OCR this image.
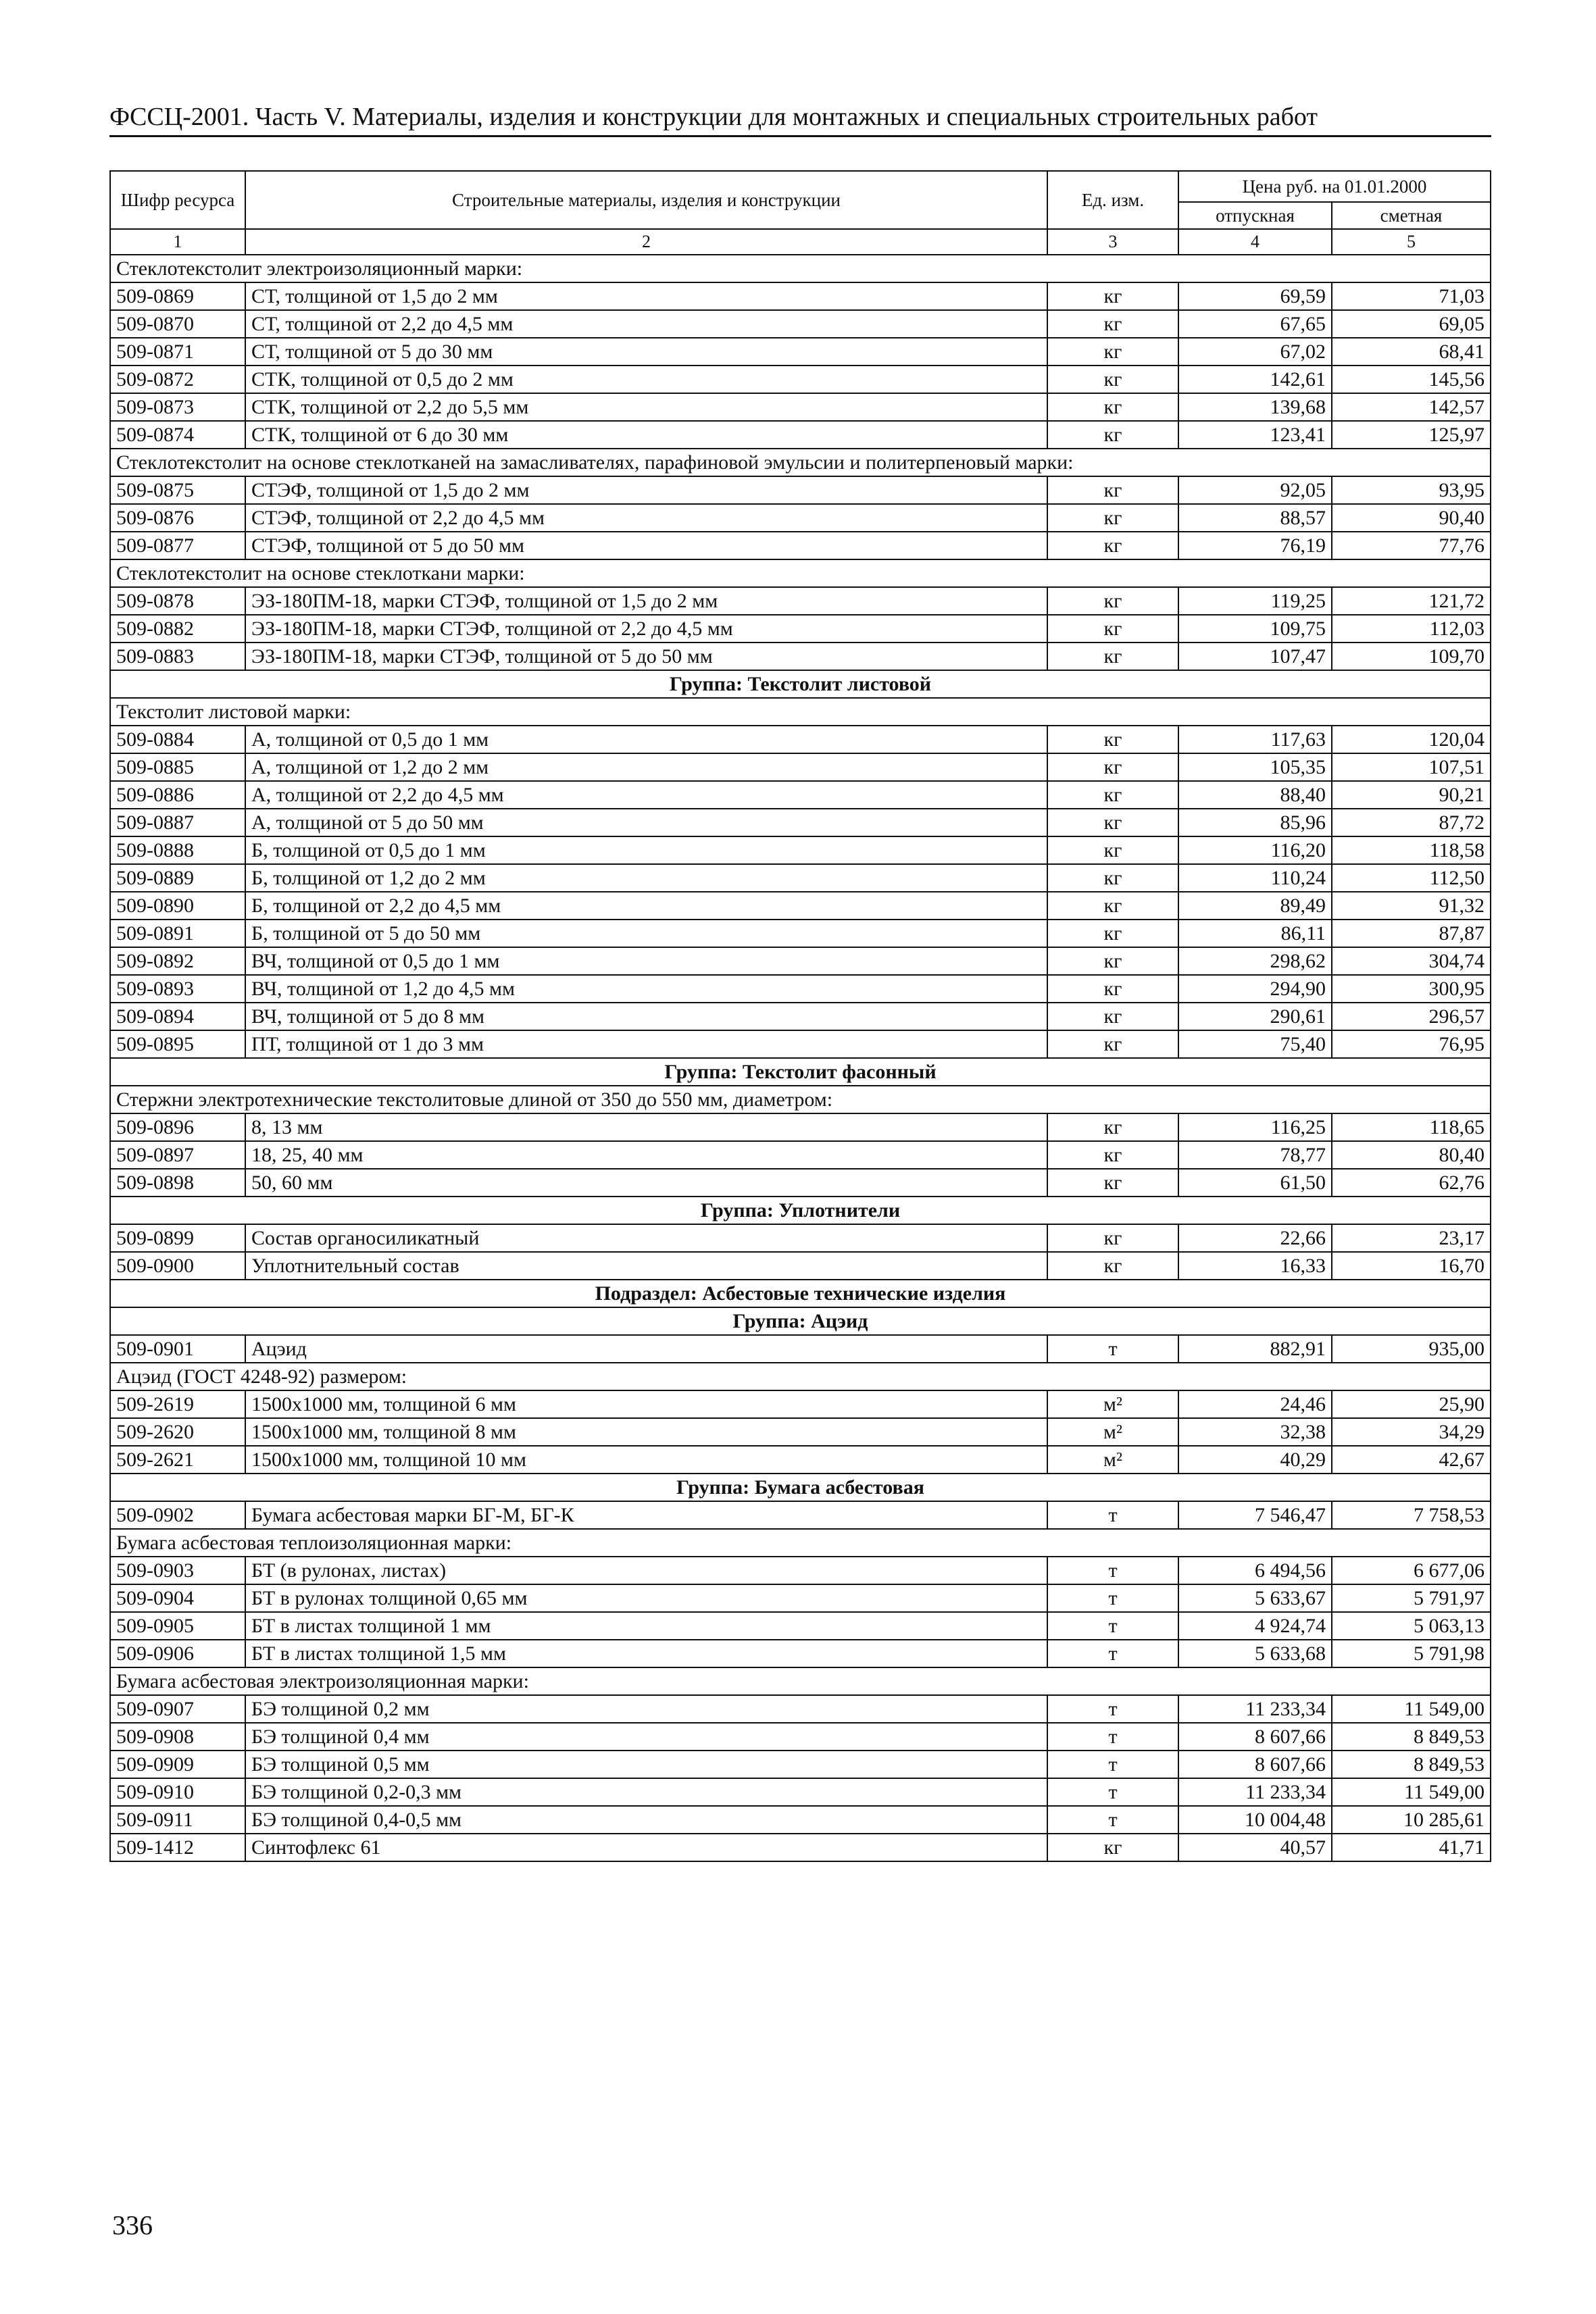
ФССЦ-2001. Часть V. Материалы, изделия и конструкции для монтажных и специальных строительных работ
Шифр ресурса	Строительные материалы, изделия и конструкции	Ед. изм.	Цена руб. на 01.01.2000	
			отпускная	сметная
1	2	3	4	5
Стеклотекстолит электроизоляционный марки:				
509-0869	СТ, толщиной от 1,5 до 2 мм	кг	69,59	71,03
509-0870	СТ, толщиной от 2,2 до 4,5 мм	кг	67,65	69,05
509-0871	СТ, толщиной от 5 до 30 мм	кг	67,02	68,41
509-0872	СТК, толщиной от 0,5 до 2 мм	кг	142,61	145,56
509-0873	СТК, толщиной от 2,2 до 5,5 мм	кг	139,68	142,57
509-0874	СТК, толщиной от 6 до 30 мм	кг	123,41	125,97
Стеклотекстолит на основе стеклотканей на замасливателях, парафиновой эмульсии и политерпеновый марки:				
509-0875	СТЭФ, толщиной от 1,5 до 2 мм	кг	92,05	93,95
509-0876	СТЭФ, толщиной от 2,2 до 4,5 мм	кг	88,57	90,40
509-0877	СТЭФ, толщиной от 5 до 50 мм	кг	76,19	77,76
Стеклотекстолит на основе стеклоткани марки:				
509-0878	ЭЗ-180ПМ-18, марки СТЭФ, толщиной от 1,5 до 2 мм	кг	119,25	121,72
509-0882	ЭЗ-180ПМ-18, марки СТЭФ, толщиной от 2,2 до 4,5 мм	кг	109,75	112,03
509-0883	ЭЗ-180ПМ-18, марки СТЭФ, толщиной от 5 до 50 мм	кг	107,47	109,70
Группа: Текстолит листовой				
Текстолит листовой марки:				
509-0884	А, толщиной от 0,5 до 1 мм	кг	117,63	120,04
509-0885	А, толщиной от 1,2 до 2 мм	кг	105,35	107,51
509-0886	А, толщиной от 2,2 до 4,5 мм	кг	88,40	90,21
509-0887	А, толщиной от 5 до 50 мм	кг	85,96	87,72
509-0888	Б, толщиной от 0,5 до 1 мм	кг	116,20	118,58
509-0889	Б, толщиной от 1,2 до 2 мм	кг	110,24	112,50
509-0890	Б, толщиной от 2,2 до 4,5 мм	кг	89,49	91,32
509-0891	Б, толщиной от 5 до 50 мм	кг	86,11	87,87
509-0892	ВЧ, толщиной от 0,5 до 1 мм	кг	298,62	304,74
509-0893	ВЧ, толщиной от 1,2 до 4,5 мм	кг	294,90	300,95
509-0894	ВЧ, толщиной от 5 до 8 мм	кг	290,61	296,57
509-0895	ПТ, толщиной от 1 до 3 мм	кг	75,40	76,95
Группа: Текстолит фасонный				
Стержни электротехнические текстолитовые длиной от 350 до 550 мм, диаметром:				
509-0896	8, 13 мм	кг	116,25	118,65
509-0897	18, 25, 40 мм	кг	78,77	80,40
509-0898	50, 60 мм	кг	61,50	62,76
Группа: Уплотнители				
509-0899	Состав органосиликатный	кг	22,66	23,17
509-0900	Уплотнительный состав	кг	16,33	16,70
Подраздел: Асбестовые технические изделия				
Группа: Ацэид				
509-0901	Ацэид	т	882,91	935,00
Ацэид (ГОСТ 4248-92) размером:				
509-2619	1500х1000 мм, толщиной 6 мм	м²	24,46	25,90
509-2620	1500х1000 мм, толщиной 8 мм	м²	32,38	34,29
509-2621	1500х1000 мм, толщиной 10 мм	м²	40,29	42,67
Группа: Бумага асбестовая				
509-0902	Бумага асбестовая марки БГ-М, БГ-К	т	7 546,47	7 758,53
Бумага асбестовая теплоизоляционная марки:				
509-0903	БТ (в рулонах, листах)	т	6 494,56	6 677,06
509-0904	БТ в рулонах толщиной 0,65 мм	т	5 633,67	5 791,97
509-0905	БТ в листах толщиной 1 мм	т	4 924,74	5 063,13
509-0906	БТ в листах толщиной 1,5 мм	т	5 633,68	5 791,98
Бумага асбестовая электроизоляционная марки:				
509-0907	БЭ толщиной 0,2 мм	т	11 233,34	11 549,00
509-0908	БЭ толщиной 0,4 мм	т	8 607,66	8 849,53
509-0909	БЭ толщиной 0,5 мм	т	8 607,66	8 849,53
509-0910	БЭ толщиной 0,2-0,3 мм	т	11 233,34	11 549,00
509-0911	БЭ толщиной 0,4-0,5 мм	т	10 004,48	10 285,61
509-1412	Синтофлекс 61	кг	40,57	41,71
336
